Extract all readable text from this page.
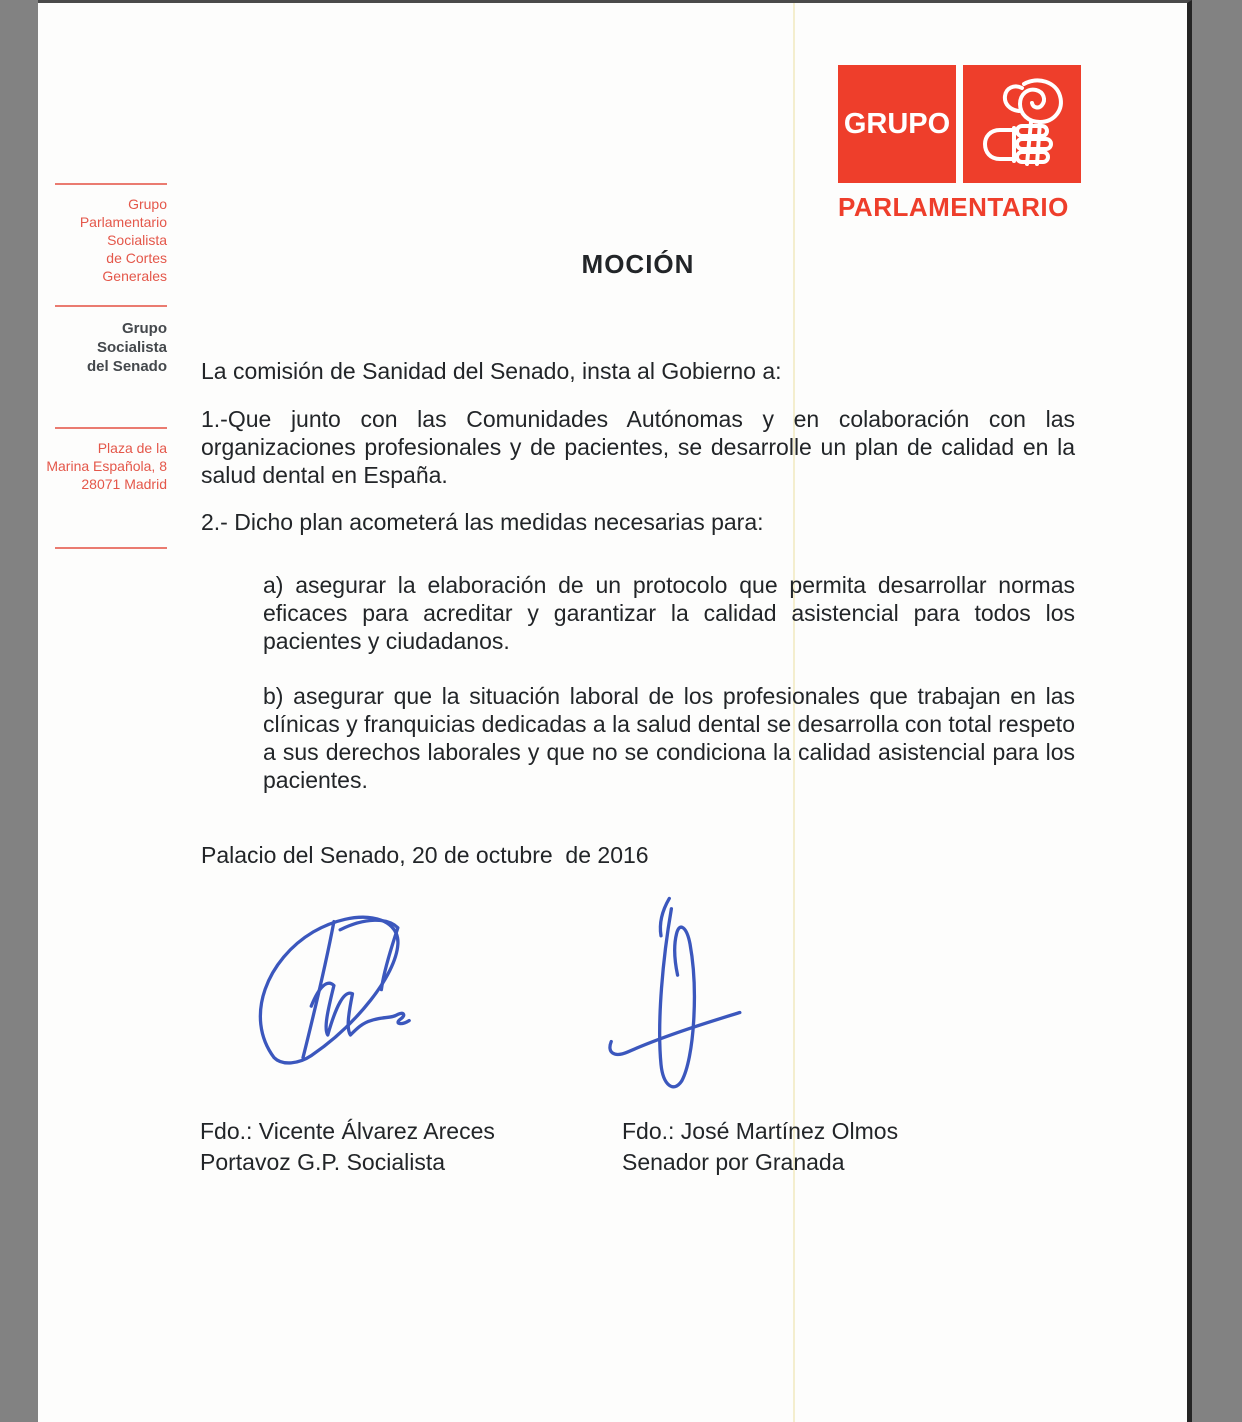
GRUPO
PARLAMENTARIO
Grupo
Parlamentario
Socialista
de Cortes
Generales
Grupo
Socialista
del Senado
Plaza de la
Marina Española, 8
28071 Madrid
MOCIÓN
La comisión de Sanidad del Senado, insta al Gobierno a:
1.-Que junto con las Comunidades Autónomas y en colaboración con las organizaciones profesionales y de pacientes, se desarrolle un plan de calidad en la salud dental en España.
2.- Dicho plan acometerá las medidas necesarias para:
a) asegurar la elaboración de un protocolo que permita desarrollar normas eficaces para acreditar y garantizar la calidad asistencial para todos los pacientes y ciudadanos.
b) asegurar que la situación laboral de los profesionales que trabajan en las clínicas y franquicias dedicadas a la salud dental se desarrolla con total respeto a sus derechos laborales y que no se condiciona la calidad asistencial para los pacientes.
Palacio del Senado, 20 de octubre  de 2016
Fdo.: Vicente Álvarez Areces
Portavoz G.P. Socialista
Fdo.: José Martínez Olmos
Senador por Granada
